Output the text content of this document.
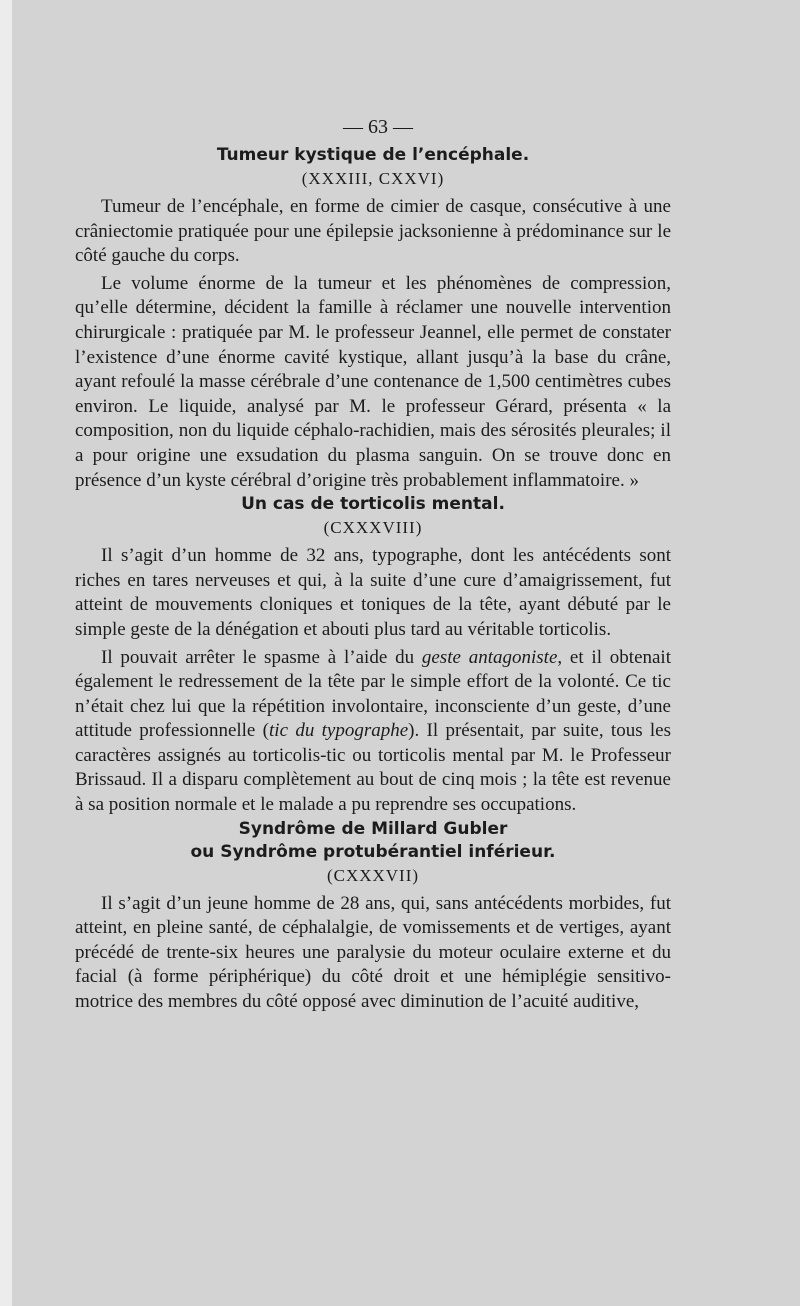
— 63 —
Tumeur kystique de l’encéphale.
(XXXIII, CXXVI)

Tumeur de l’encéphale, en forme de cimier de casque, consécutive à une crâniectomie pratiquée pour une épilepsie jacksonienne à prédominance sur le côté gauche du corps.

Le volume énorme de la tumeur et les phénomènes de compression, qu’elle détermine, décident la famille à réclamer une nouvelle intervention chirurgicale : pratiquée par M. le professeur Jeannel, elle permet de constater l’existence d’une énorme cavité kystique, allant jusqu’à la base du crâne, ayant refoulé la masse cérébrale d’une contenance de 1,500 centimètres cubes environ. Le liquide, analysé par M. le professeur Gérard, présenta « la composition, non du liquide céphalo-rachidien, mais des sérosités pleurales; il a pour origine une exsudation du plasma sanguin. On se trouve donc en présence d’un kyste cérébral d’origine très probablement inflammatoire. »

Un cas de torticolis mental.
(CXXXVIII)

Il s’agit d’un homme de 32 ans, typographe, dont les antécédents sont riches en tares nerveuses et qui, à la suite d’une cure d’amaigrissement, fut atteint de mouvements cloniques et toniques de la tête, ayant débuté par le simple geste de la dénégation et abouti plus tard au véritable torticolis.

Il pouvait arrêter le spasme à l’aide du geste antagoniste, et il obtenait également le redressement de la tête par le simple effort de la volonté. Ce tic n’était chez lui que la répétition involontaire, inconsciente d’un geste, d’une attitude professionnelle (tic du typographe). Il présentait, par suite, tous les caractères assignés au torticolis-tic ou torticolis mental par M. le Professeur Brissaud. Il a disparu complètement au bout de cinq mois ; la tête est revenue à sa position normale et le malade a pu reprendre ses occupations.

Syndrôme de Millard Gubler
ou Syndrôme protubérantiel inférieur.
(CXXXVII)

Il s’agit d’un jeune homme de 28 ans, qui, sans antécédents morbides, fut atteint, en pleine santé, de céphalalgie, de vomissements et de vertiges, ayant précédé de trente-six heures une paralysie du moteur oculaire externe et du facial (à forme périphérique) du côté droit et une hémiplégie sensitivo-motrice des membres du côté opposé avec diminution de l’acuité auditive,
